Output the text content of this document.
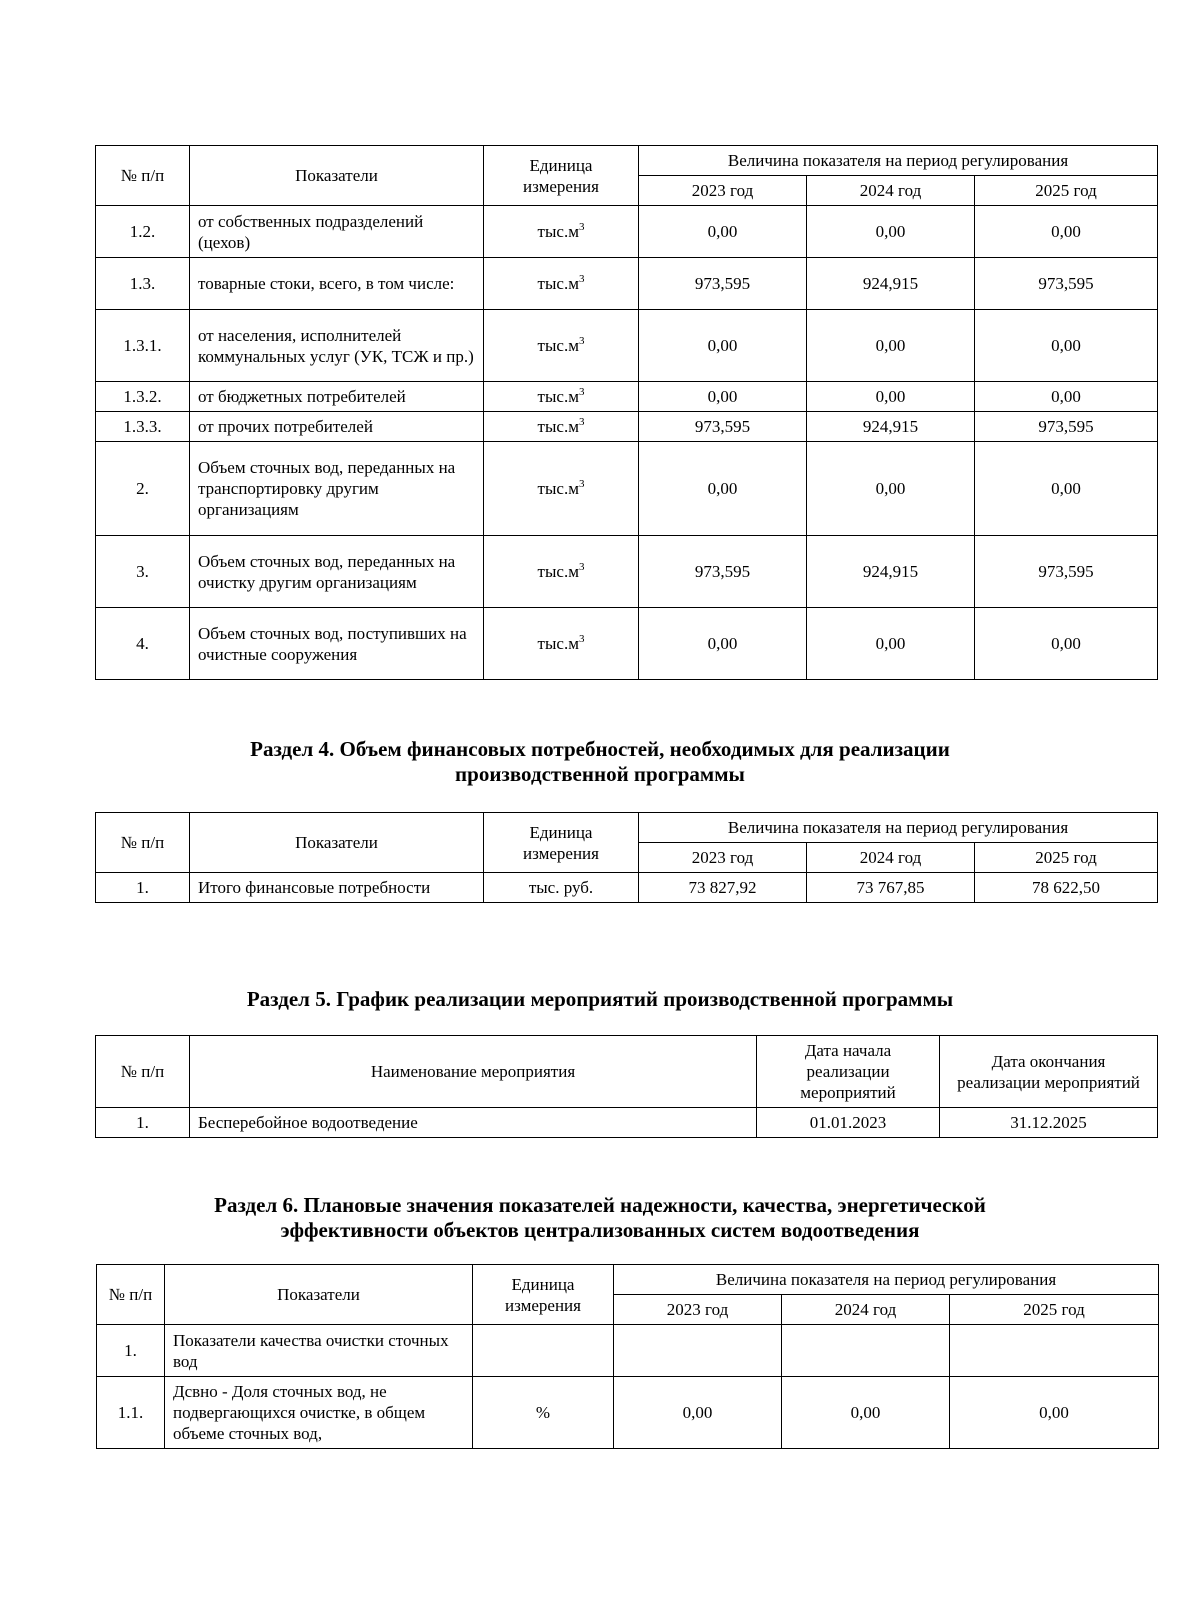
№ п/п	Показатели	Единица измерения	Величина показателя на период регулирования		
			2023 год	2024 год	2025 год
1.2.	от собственных подразделений (цехов)	$тыс.м^3$	0,00	0,00	0,00
1.3.	товарные стоки, всего, в том числе:	$тыс.м^3$	973,595	924,915	973,595
1.3.1.	от населения, исполнителей коммунальных услуг (УК, ТСЖ и пр.)	$тыс.м^3$	0,00	0,00	0,00
1.3.2.	от бюджетных потребителей	$тыс.м^3$	0,00	0,00	0,00
1.3.3.	от прочих потребителей	$тыс.м^3$	973,595	924,915	973,595
2.	Объем сточных вод, переданных на транспортировку другим организациям	$тыс.м^3$	0,00	0,00	0,00
3.	Объем сточных вод, переданных на очистку другим организациям	$тыс.м^3$	973,595	924,915	973,595
4.	Объем сточных вод, поступивших на очистные сооружения	$тыс.м^3$	0,00	0,00	0,00
Раздел 4. Объем финансовых потребностей, необходимых для реализации
производственной программы
№ п/п	Показатели	Единица измерения	Величина показателя на период регулирования		
			2023 год	2024 год	2025 год
1.	Итого финансовые потребности	тыс. руб.	73 827,92	73 767,85	78 622,50
Раздел 5. График реализации мероприятий производственной программы
№ п/п	Наименование мероприятия	Дата начала реализации мероприятий	Дата окончания реализации мероприятий
1.	Бесперебойное водоотведение	01.01.2023	31.12.2025
Раздел 6. Плановые значения показателей надежности, качества, энергетической
эффективности объектов централизованных систем водоотведения
№ п/п	Показатели	Единица измерения	Величина показателя на период регулирования		
			2023 год	2024 год	2025 год
1.	Показатели качества очистки сточных вод				
1.1.	Дсвно - Доля сточных вод, не подвергающихся очистке, в общем объеме сточных вод,	%	0,00	0,00	0,00
